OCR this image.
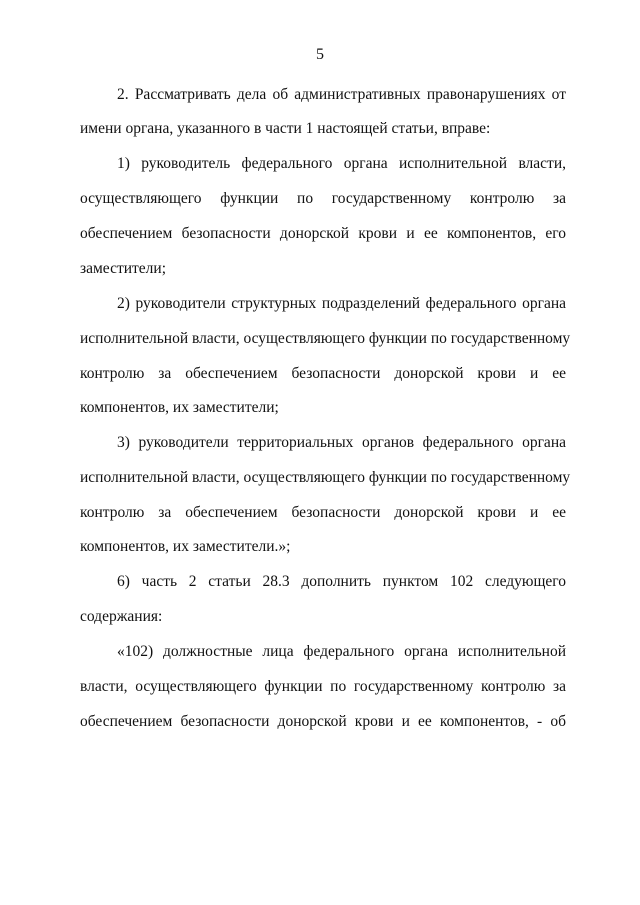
5
2. Рассматривать дела об административных правонарушениях от
имени органа, указанного в части 1 настоящей статьи, вправе:
1) руководитель федерального органа исполнительной власти,
осуществляющего функции по государственному контролю за
обеспечением безопасности донорской крови и ее компонентов, его
заместители;
2) руководители структурных подразделений федерального органа
исполнительной власти, осуществляющего функции по государственному
контролю за обеспечением безопасности донорской крови и ее
компонентов, их заместители;
3) руководители территориальных органов федерального органа
исполнительной власти, осуществляющего функции по государственному
контролю за обеспечением безопасности донорской крови и ее
компонентов, их заместители.»;
6) часть 2 статьи 28.3 дополнить пунктом 102 следующего
содержания:
«102) должностные лица федерального органа исполнительной
власти, осуществляющего функции по государственному контролю за
обеспечением безопасности донорской крови и ее компонентов, - об
